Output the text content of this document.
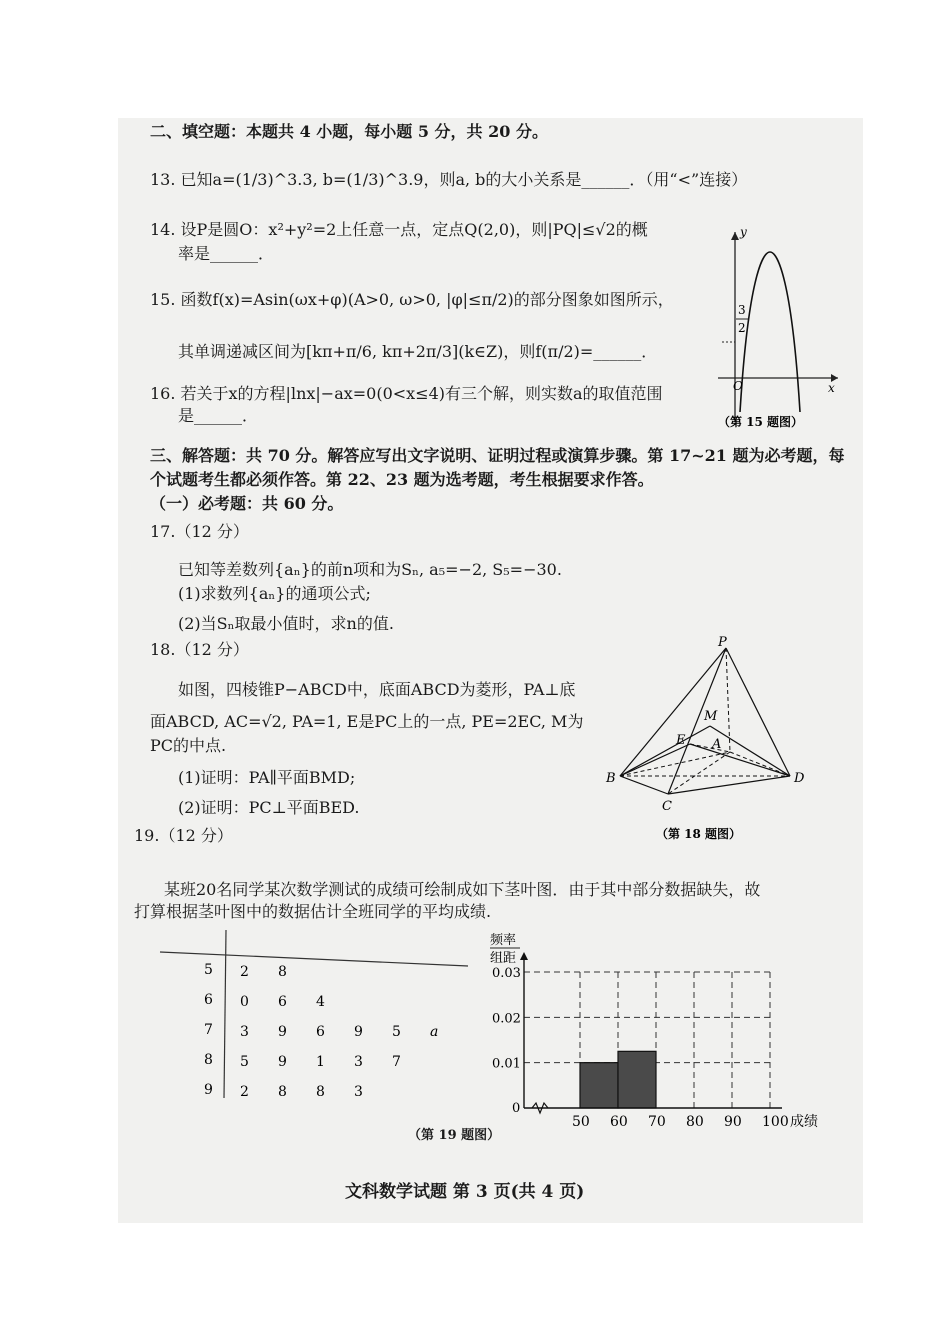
二、填空题：本题共 4 小题，每小题 5 分，共 20 分。
13. 已知a=(1/3)^3.3, b=(1/3)^3.9，则a, b的大小关系是______．（用“<”连接）
14. 设P是圆O：x²+y²=2上任意一点，定点Q(2,0)，则|PQ|≤√2的概
率是______．
15. 函数f(x)=Asin(ωx+φ)(A>0, ω>0, |φ|≤π/2)的部分图象如图所示，
其单调递减区间为[kπ+π/6, kπ+2π/3](k∈Z)，则f(π/2)=______．
16. 若关于x的方程|lnx|−ax=0(0<x≤4)有三个解，则实数a的取值范围
是______．
y
x
O
3
2
（第 15 题图）
三、解答题：共 70 分。解答应写出文字说明、证明过程或演算步骤。第 17~21 题为必考题，每
个试题考生都必须作答。第 22、23 题为选考题，考生根据要求作答。
（一）必考题：共 60 分。
17.（12 分）
已知等差数列{aₙ}的前n项和为Sₙ, a₅=−2, S₅=−30.
(1)求数列{aₙ}的通项公式;
(2)当Sₙ取最小值时，求n的值.
18.（12 分）
如图，四棱锥P−ABCD中，底面ABCD为菱形，PA⊥底
面ABCD, AC=√2, PA=1, E是PC上的一点, PE=2EC, M为
PC的中点.
(1)证明：PA∥平面BMD;
(2)证明：PC⊥平面BED.
P
M
E A
B
C
D
（第 18 题图）
19.（12 分）
某班20名同学某次数学测试的成绩可绘制成如下茎叶图．由于其中部分数据缺失，故
打算根据茎叶图中的数据估计全班同学的平均成绩.
5 2 8
6 0 6 4
7 3 9 6 9 5 a
8 5 9 1 3 7
9 2 8 8 3
频率
组距
0
成绩
0.01
0.02
0.03
50 60 70 80 90 100
（第 19 题图）
文科数学试题 第 3 页(共 4 页)
